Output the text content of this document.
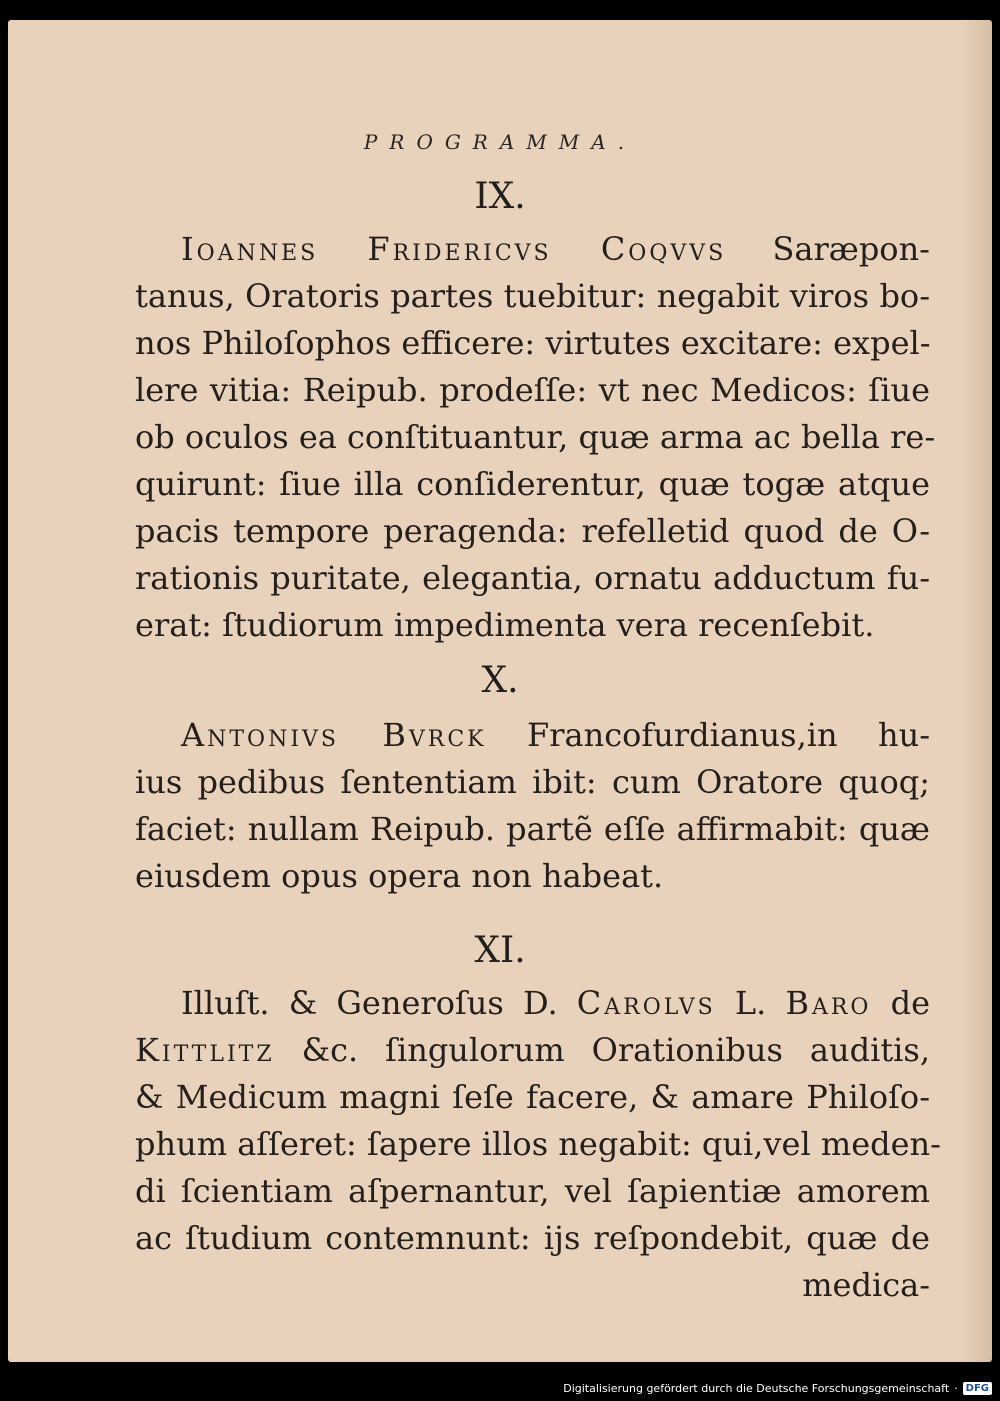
PROGRAMMA.
IX.

Ioannes Fridericvs Coqvvs Saræpon-
tanus, Oratoris partes tuebitur: negabit viros bo-
nos Philoſophos efficere: virtutes excitare: expel-
lere vitia: Reipub. prodeſſe: vt nec Medicos: ſiue
ob oculos ea conſtituantur, quæ arma ac bella re-
quirunt: ſiue illa conſiderentur, quæ togæ atque
pacis tempore peragenda: refelletid quod de O-
rationis puritate, elegantia, ornatu adductum fu-
erat: ſtudiorum impedimenta vera recenſebit.

X.

Antonivs Bvrck Francofurdianus,in hu-
ius pedibus ſententiam ibit: cum Oratore quoq;
faciet: nullam Reipub. partẽ eſſe affirmabit: quæ
eiusdem opus opera non habeat.

XI.

Illuſt. & Generoſus D. Carolvs L. Baro de
Kittlitz &c. ſingulorum Orationibus auditis,
& Medicum magni ſeſe facere, & amare Philoſo-
phum aſſeret: ſapere illos negabit: qui,vel meden-
di ſcientiam aſpernantur, vel ſapientiæ amorem
ac ſtudium contemnunt: ijs reſpondebit, quæ de

medica-

Digitalisierung gefördert durch die Deutsche Forschungsgemeinschaft · DFG
